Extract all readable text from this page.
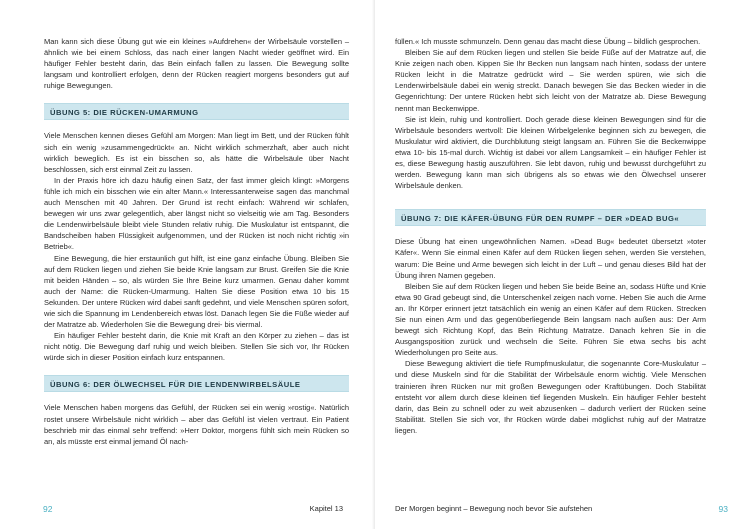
Man kann sich diese Übung gut wie ein kleines »Aufdrehen« der Wirbelsäule vorstellen – ähnlich wie bei einem Schloss, das nach einer langen Nacht wieder geöffnet wird. Ein häufiger Fehler besteht darin, das Bein einfach fallen zu lassen. Die Bewegung sollte langsam und kontrolliert erfolgen, denn der Rücken reagiert morgens besonders gut auf ruhige Bewegungen.

ÜBUNG 5: DIE RÜCKEN-UMARMUNG

Viele Menschen kennen dieses Gefühl am Morgen: Man liegt im Bett, und der Rücken fühlt sich ein wenig »zusammengedrückt« an. Nicht wirklich schmerzhaft, aber auch nicht wirklich beweglich. Es ist ein bisschen so, als hätte die Wirbelsäule über Nacht beschlossen, sich erst einmal Zeit zu lassen.

In der Praxis höre ich dazu häufig einen Satz, der fast immer gleich klingt: »Morgens fühle ich mich ein bisschen wie ein alter Mann.« Interessanterweise sagen das manchmal auch Menschen mit 40 Jahren. Der Grund ist recht einfach: Während wir schlafen, bewegen wir uns zwar gelegentlich, aber längst nicht so vielseitig wie am Tag. Besonders die Lendenwirbelsäule bleibt viele Stunden relativ ruhig. Die Muskulatur ist entspannt, die Bandscheiben haben Flüssigkeit aufgenommen, und der Rücken ist noch nicht richtig »in Betrieb«.

Eine Bewegung, die hier erstaunlich gut hilft, ist eine ganz einfache Übung. Bleiben Sie auf dem Rücken liegen und ziehen Sie beide Knie langsam zur Brust. Greifen Sie die Knie mit beiden Händen – so, als würden Sie Ihre Beine kurz umarmen. Genau daher kommt auch der Name: die Rücken-Umarmung. Halten Sie diese Position etwa 10 bis 15 Sekunden. Der untere Rücken wird dabei sanft gedehnt, und viele Menschen spüren sofort, wie sich die Spannung im Lendenbereich etwas löst. Danach legen Sie die Füße wieder auf der Matratze ab. Wiederholen Sie die Bewegung drei- bis viermal.

Ein häufiger Fehler besteht darin, die Knie mit Kraft an den Körper zu ziehen – das ist nicht nötig. Die Bewegung darf ruhig und weich bleiben. Stellen Sie sich vor, Ihr Rücken würde sich in dieser Position einfach kurz entspannen.

ÜBUNG 6: DER ÖLWECHSEL FÜR DIE LENDENWIRBELSÄULE

Viele Menschen haben morgens das Gefühl, der Rücken sei ein wenig »rostig«. Natürlich rostet unsere Wirbelsäule nicht wirklich – aber das Gefühl ist vielen vertraut. Ein Patient beschrieb mir das einmal sehr treffend: »Herr Doktor, morgens fühlt sich mein Rücken so an, als müsste erst einmal jemand Öl nach-

92	Kapitel 13

füllen.« Ich musste schmunzeln. Denn genau das macht diese Übung – bildlich gesprochen.

Bleiben Sie auf dem Rücken liegen und stellen Sie beide Füße auf der Matratze auf, die Knie zeigen nach oben. Kippen Sie Ihr Becken nun langsam nach hinten, sodass der untere Rücken leicht in die Matratze gedrückt wird – Sie werden spüren, wie sich die Lendenwirbelsäule dabei ein wenig streckt. Danach bewegen Sie das Becken wieder in die Gegenrichtung: Der untere Rücken hebt sich leicht von der Matratze ab. Diese Bewegung nennt man Beckenwippe.

Sie ist klein, ruhig und kontrolliert. Doch gerade diese kleinen Bewegungen sind für die Wirbelsäule besonders wertvoll: Die kleinen Wirbelgelenke beginnen sich zu bewegen, die Muskulatur wird aktiviert, die Durchblutung steigt langsam an. Führen Sie die Beckenwippe etwa 10- bis 15-mal durch. Wichtig ist dabei vor allem Langsamkeit – ein häufiger Fehler ist es, diese Bewegung hastig auszuführen. Sie lebt davon, ruhig und bewusst durchgeführt zu werden. Bewegung kann man sich übrigens als so etwas wie den Ölwechsel unserer Wirbelsäule denken.

ÜBUNG 7: DIE KÄFER-ÜBUNG FÜR DEN RUMPF – DER »DEAD BUG«

Diese Übung hat einen ungewöhnlichen Namen. »Dead Bug« bedeutet übersetzt »toter Käfer«. Wenn Sie einmal einen Käfer auf dem Rücken liegen sehen, werden Sie verstehen, warum: Die Beine und Arme bewegen sich leicht in der Luft – und genau dieses Bild hat der Übung ihren Namen gegeben.

Bleiben Sie auf dem Rücken liegen und heben Sie beide Beine an, sodass Hüfte und Knie etwa 90 Grad gebeugt sind, die Unterschenkel zeigen nach vorne. Heben Sie auch die Arme an. Ihr Körper erinnert jetzt tatsächlich ein wenig an einen Käfer auf dem Rücken. Strecken Sie nun einen Arm und das gegenüberliegende Bein langsam nach außen aus: Der Arm bewegt sich Richtung Kopf, das Bein Richtung Matratze. Danach kehren Sie in die Ausgangsposition zurück und wechseln die Seite. Führen Sie etwa sechs bis acht Wiederholungen pro Seite aus.

Diese Bewegung aktiviert die tiefe Rumpfmuskulatur, die sogenannte Core-Muskulatur – und diese Muskeln sind für die Stabilität der Wirbelsäule enorm wichtig. Viele Menschen trainieren ihren Rücken nur mit großen Bewegungen oder Kraftübungen. Doch Stabilität entsteht vor allem durch diese kleinen tief liegenden Muskeln. Ein häufiger Fehler besteht darin, das Bein zu schnell oder zu weit abzusenken – dadurch verliert der Rücken seine Stabilität. Stellen Sie sich vor, Ihr Rücken würde dabei möglichst ruhig auf der Matratze liegen.

Der Morgen beginnt – Bewegung noch bevor Sie aufstehen	93
